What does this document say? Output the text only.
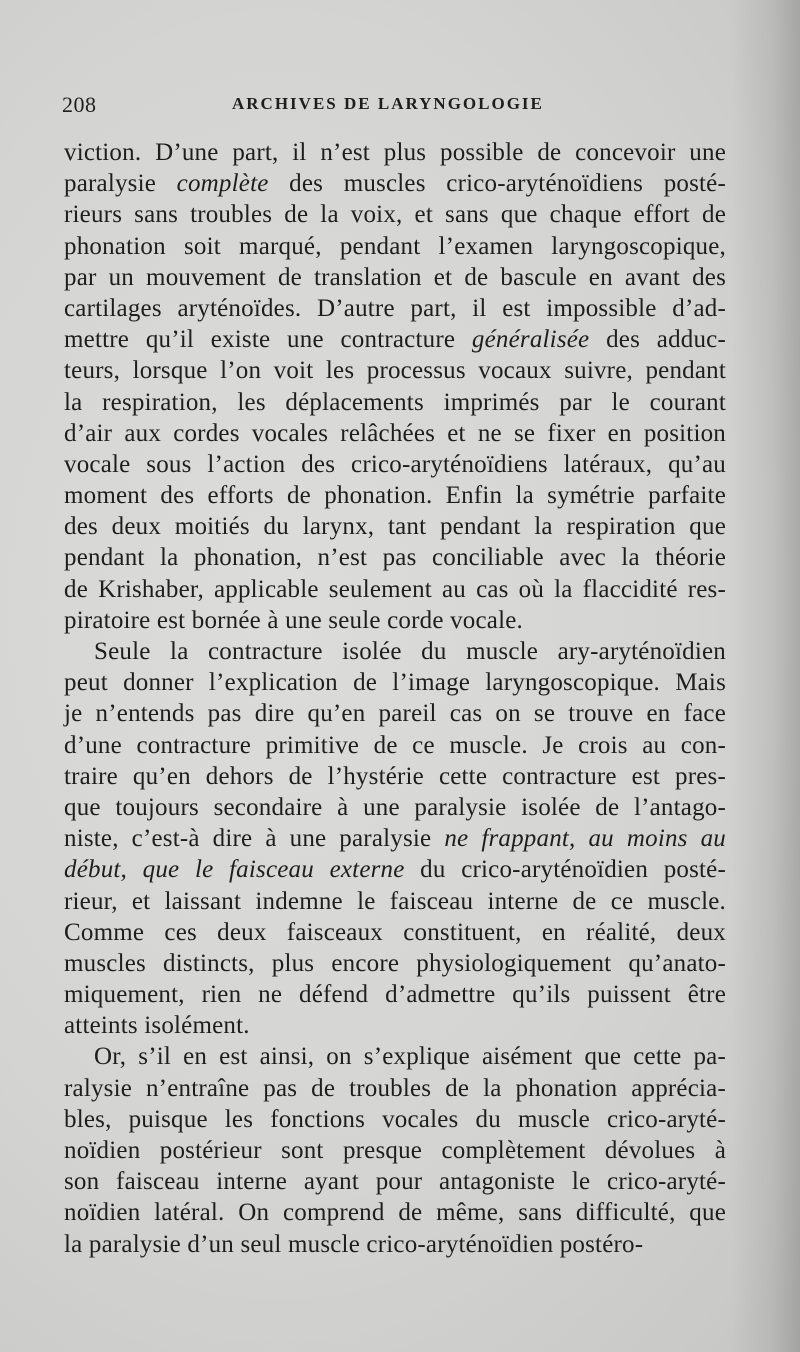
208	ARCHIVES DE LARYNGOLOGIE
viction. D’une part, il n’est plus possible de concevoir une
paralysie complète des muscles crico-aryténoïdiens posté-
rieurs sans troubles de la voix, et sans que chaque effort de
phonation soit marqué, pendant l’examen laryngoscopique,
par un mouvement de translation et de bascule en avant des
cartilages aryténoïdes. D’autre part, il est impossible d’ad-
mettre qu’il existe une contracture généralisée des adduc-
teurs, lorsque l’on voit les processus vocaux suivre, pendant
la respiration, les déplacements imprimés par le courant
d’air aux cordes vocales relâchées et ne se fixer en position
vocale sous l’action des crico-aryténoïdiens latéraux, qu’au
moment des efforts de phonation. Enfin la symétrie parfaite
des deux moitiés du larynx, tant pendant la respiration que
pendant la phonation, n’est pas conciliable avec la théorie
de Krishaber, applicable seulement au cas où la flaccidité res-
piratoire est bornée à une seule corde vocale.
Seule la contracture isolée du muscle ary-aryténoïdien
peut donner l’explication de l’image laryngoscopique. Mais
je n’entends pas dire qu’en pareil cas on se trouve en face
d’une contracture primitive de ce muscle. Je crois au con-
traire qu’en dehors de l’hystérie cette contracture est pres-
que toujours secondaire à une paralysie isolée de l’antago-
niste, c’est-à dire à une paralysie ne frappant, au moins au
début, que le faisceau externe du crico-aryténoïdien posté-
rieur, et laissant indemne le faisceau interne de ce muscle.
Comme ces deux faisceaux constituent, en réalité, deux
muscles distincts, plus encore physiologiquement qu’anato-
miquement, rien ne défend d’admettre qu’ils puissent être
atteints isolément.
Or, s’il en est ainsi, on s’explique aisément que cette pa-
ralysie n’entraîne pas de troubles de la phonation apprécia-
bles, puisque les fonctions vocales du muscle crico-aryté-
noïdien postérieur sont presque complètement dévolues à
son faisceau interne ayant pour antagoniste le crico-aryté-
noïdien latéral. On comprend de même, sans difficulté, que
la paralysie d’un seul muscle crico-aryténoïdien postéro-
